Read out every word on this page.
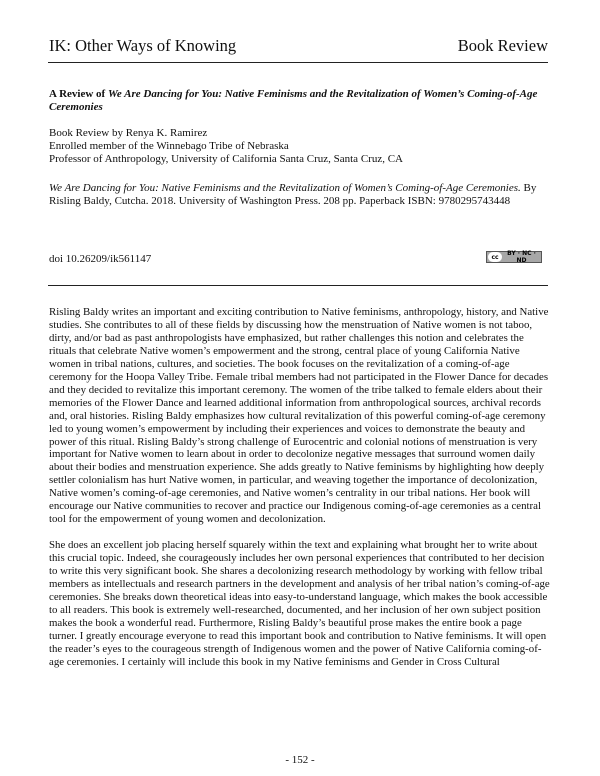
IK: Other Ways of Knowing	Book Review
A Review of We Are Dancing for You: Native Feminisms and the Revitalization of Women’s Coming-of-Age Ceremonies
Book Review by Renya K. Ramirez
Enrolled member of the Winnebago Tribe of Nebraska
Professor of Anthropology, University of California Santa Cruz, Santa Cruz, CA
We Are Dancing for You: Native Feminisms and the Revitalization of Women’s Coming-of-Age Ceremonies. By Risling Baldy, Cutcha. 2018. University of Washington Press. 208 pp. Paperback ISBN: 9780295743448
doi 10.26209/ik561147	cc	BY · NC · ND

Risling Baldy writes an important and exciting contribution to Native feminisms, anthropology, history, and Native studies. She contributes to all of these fields by discussing how the menstruation of Native women is not taboo, dirty, and/or bad as past anthropologists have emphasized, but rather challenges this notion and celebrates the rituals that celebrate Native women’s empowerment and the strong, central place of young California Native women in tribal nations, cultures, and societies. The book focuses on the revitalization of a coming-of-age ceremony for the Hoopa Valley Tribe. Female tribal members had not participated in the Flower Dance for decades and they decided to revitalize this important ceremony. The women of the tribe talked to female elders about their memories of the Flower Dance and learned additional information from anthropological sources, archival records and, oral histories. Risling Baldy emphasizes how cultural revitalization of this powerful coming-of-age ceremony led to young women’s empowerment by including their experiences and voices to demonstrate the beauty and power of this ritual. Risling Baldy’s strong challenge of Eurocentric and colonial notions of menstruation is very important for Native women to learn about in order to decolonize negative messages that surround women daily about their bodies and menstruation experience. She adds greatly to Native feminisms by highlighting how deeply settler colonialism has hurt Native women, in particular, and weaving together the importance of decolonization, Native women’s coming-of-age ceremonies, and Native women’s centrality in our tribal nations. Her book will encourage our Native communities to recover and practice our Indigenous coming-of-age ceremonies as a central tool for the empowerment of young women and decolonization.

She does an excellent job placing herself squarely within the text and explaining what brought her to write about this crucial topic. Indeed, she courageously includes her own personal experiences that contributed to her decision to write this very significant book. She shares a decolonizing research methodology by working with fellow tribal members as intellectuals and research partners in the development and analysis of her tribal nation’s coming-of-age ceremonies. She breaks down theoretical ideas into easy-to-understand language, which makes the book accessible to all readers. This book is extremely well-researched, documented, and her inclusion of her own subject position makes the book a wonderful read. Furthermore, Risling Baldy’s beautiful prose makes the entire book a page turner. I greatly encourage everyone to read this important book and contribution to Native feminisms. It will open the reader’s eyes to the courageous strength of Indigenous women and the power of Native California coming-of-age ceremonies. I certainly will include this book in my Native feminisms and Gender in Cross Cultural

- 152 -
